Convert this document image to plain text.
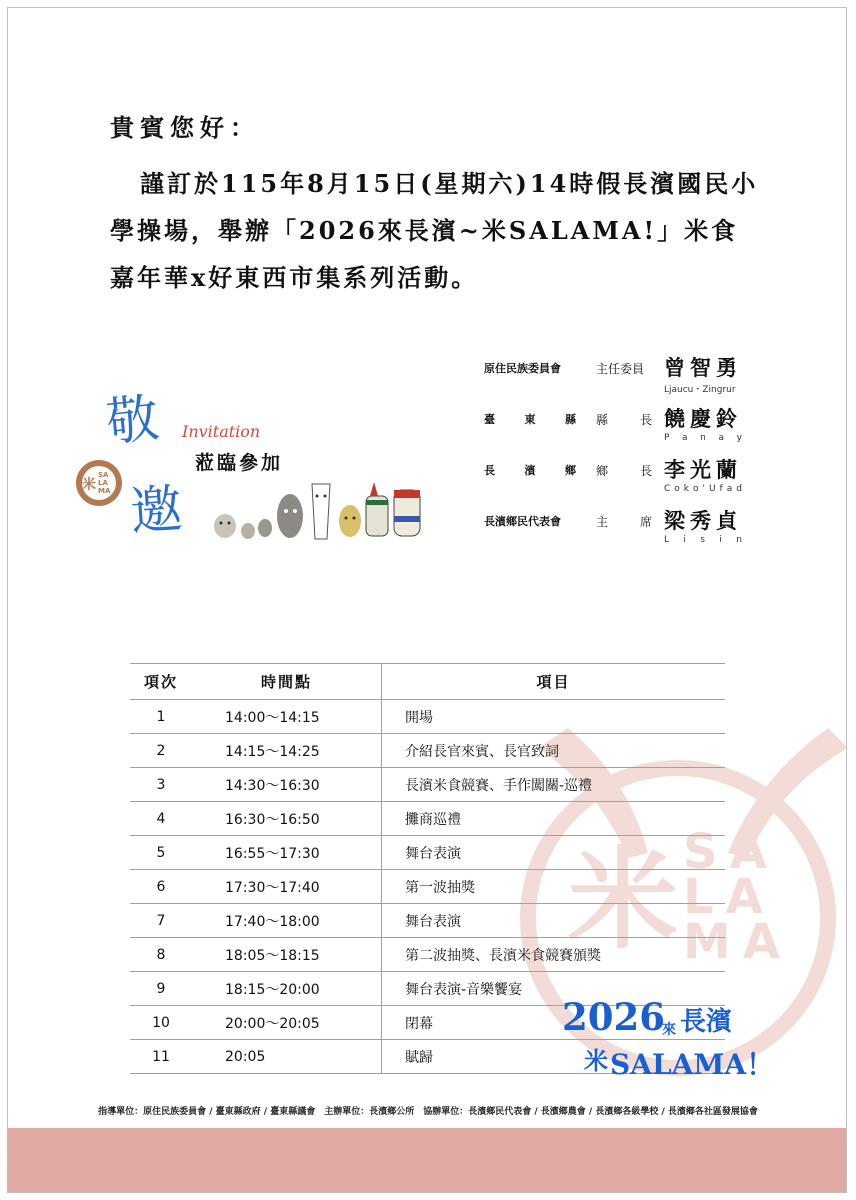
米 SA
LA
MA
貴賓您好：

謹訂於115年8月15日(星期六)14時假長濱國民小學操場，舉辦「2026來長濱~米SALAMA!」米食嘉年華x好東西市集系列活動。

原住民族委員會	主任委員 曾智勇
Ljaucu・Zingrur
臺	東	縣 縣	長 饒慶鈴
P a n a y
長	濱	鄉 鄉	長 李光蘭
C o k o ' U f a d
長濱鄉民代表會	主	席 梁秀貞
L i s i n
敬 Invitation
蒞臨參加
米
SA
LA
MA 邀
項次	時間點	項目
1	14:00～14:15	開場
2	14:15～14:25	介紹長官來賓、長官致詞
3	14:30～16:30	長濱米食競賽、手作闖關-巡禮
4	16:30～16:50	攤商巡禮
5	16:55～17:30	舞台表演
6	17:30～17:40	第一波抽獎
7	17:40～18:00	舞台表演
8	18:05～18:15	第二波抽獎、長濱米食競賽頒獎
9	18:15～20:00	舞台表演-音樂饗宴
10	20:00～20:05	閉幕
11	20:05	賦歸
2026
來 長濱
米 SALAMA！
指導單位：原住民族委員會 / 臺東縣政府 / 臺東縣議會　主辦單位：長濱鄉公所　協辦單位：長濱鄉民代表會 / 長濱鄉農會 / 長濱鄉各級學校 / 長濱鄉各社區發展協會
